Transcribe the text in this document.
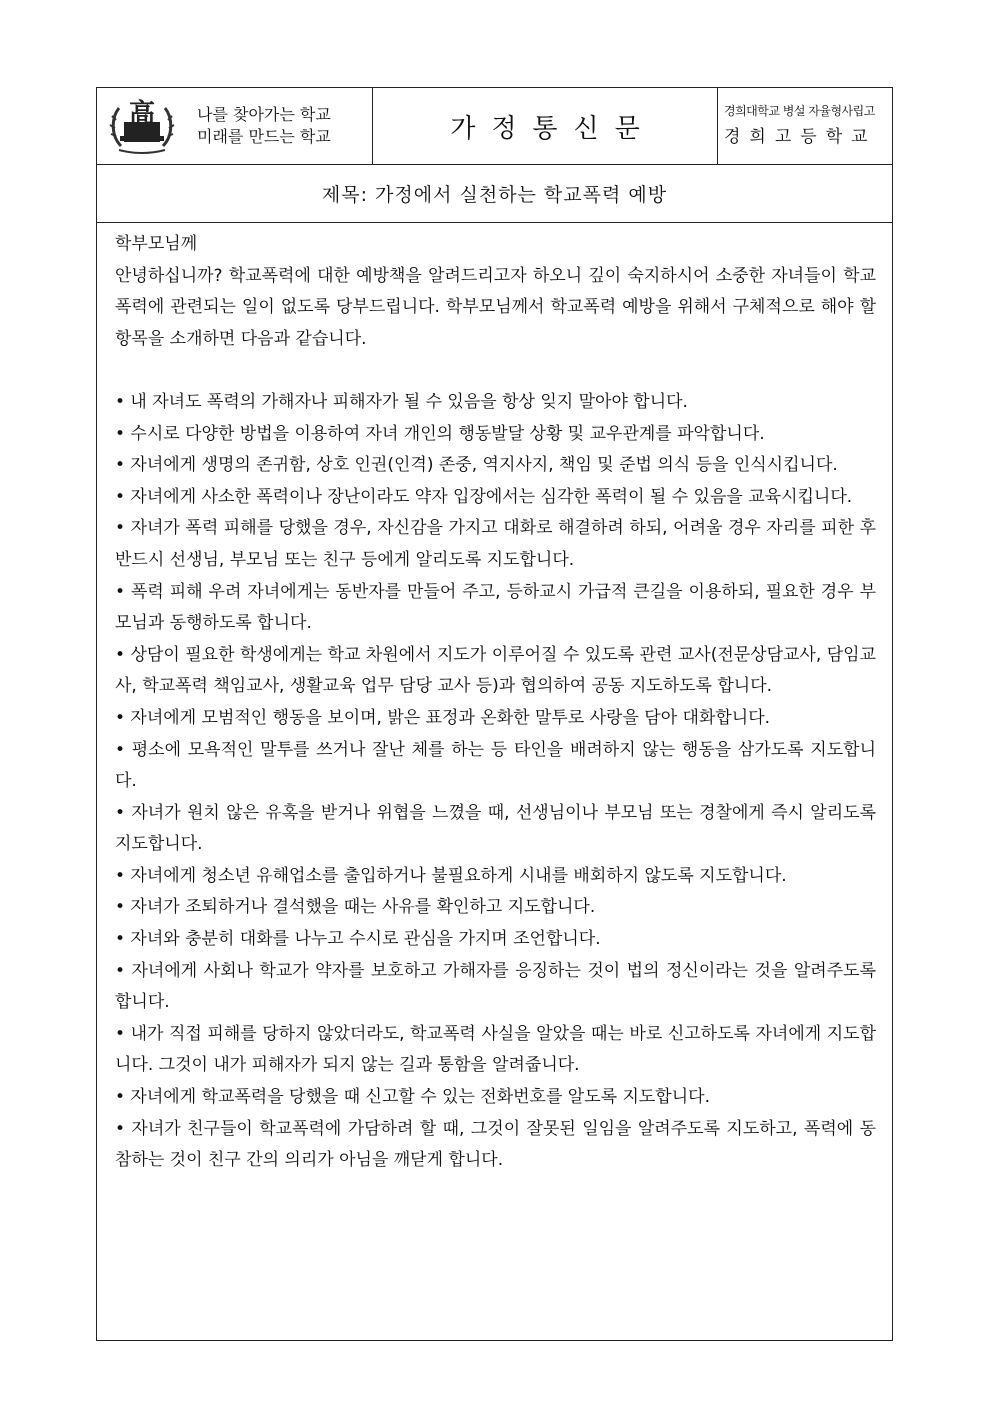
高	나를 찾아가는 학교
미래를 만드는 학교	가정통신문
경희대학교 병설 자율형사립고
경희고등학교
제목: 가정에서 실천하는 학교폭력 예방

학부모님께

안녕하십니까? 학교폭력에 대한 예방책을 알려드리고자 하오니 깊이 숙지하시어 소중한 자녀들이 학교폭력에 관련되는 일이 없도록 당부드립니다. 학부모님께서 학교폭력 예방을 위해서 구체적으로 해야 할 항목을 소개하면 다음과 같습니다.

• 내 자녀도 폭력의 가해자나 피해자가 될 수 있음을 항상 잊지 말아야 합니다.

• 수시로 다양한 방법을 이용하여 자녀 개인의 행동발달 상황 및 교우관계를 파악합니다.

• 자녀에게 생명의 존귀함, 상호 인권(인격) 존중, 역지사지, 책임 및 준법 의식 등을 인식시킵니다.

• 자녀에게 사소한 폭력이나 장난이라도 약자 입장에서는 심각한 폭력이 될 수 있음을 교육시킵니다.

• 자녀가 폭력 피해를 당했을 경우, 자신감을 가지고 대화로 해결하려 하되, 어려울 경우 자리를 피한 후 반드시 선생님, 부모님 또는 친구 등에게 알리도록 지도합니다.

• 폭력 피해 우려 자녀에게는 동반자를 만들어 주고, 등하교시 가급적 큰길을 이용하되, 필요한 경우 부모님과 동행하도록 합니다.

• 상담이 필요한 학생에게는 학교 차원에서 지도가 이루어질 수 있도록 관련 교사(전문상담교사, 담임교사, 학교폭력 책임교사, 생활교육 업무 담당 교사 등)과 협의하여 공동 지도하도록 합니다.

• 자녀에게 모범적인 행동을 보이며, 밝은 표정과 온화한 말투로 사랑을 담아 대화합니다.

• 평소에 모욕적인 말투를 쓰거나 잘난 체를 하는 등 타인을 배려하지 않는 행동을 삼가도록 지도합니다.

• 자녀가 원치 않은 유혹을 받거나 위협을 느꼈을 때, 선생님이나 부모님 또는 경찰에게 즉시 알리도록 지도합니다.

• 자녀에게 청소년 유해업소를 출입하거나 불필요하게 시내를 배회하지 않도록 지도합니다.

• 자녀가 조퇴하거나 결석했을 때는 사유를 확인하고 지도합니다.

• 자녀와 충분히 대화를 나누고 수시로 관심을 가지며 조언합니다.

• 자녀에게 사회나 학교가 약자를 보호하고 가해자를 응징하는 것이 법의 정신이라는 것을 알려주도록 합니다.

• 내가 직접 피해를 당하지 않았더라도, 학교폭력 사실을 알았을 때는 바로 신고하도록 자녀에게 지도합니다. 그것이 내가 피해자가 되지 않는 길과 통함을 알려줍니다.

• 자녀에게 학교폭력을 당했을 때 신고할 수 있는 전화번호를 알도록 지도합니다.

• 자녀가 친구들이 학교폭력에 가담하려 할 때, 그것이 잘못된 일임을 알려주도록 지도하고, 폭력에 동참하는 것이 친구 간의 의리가 아님을 깨닫게 합니다.
